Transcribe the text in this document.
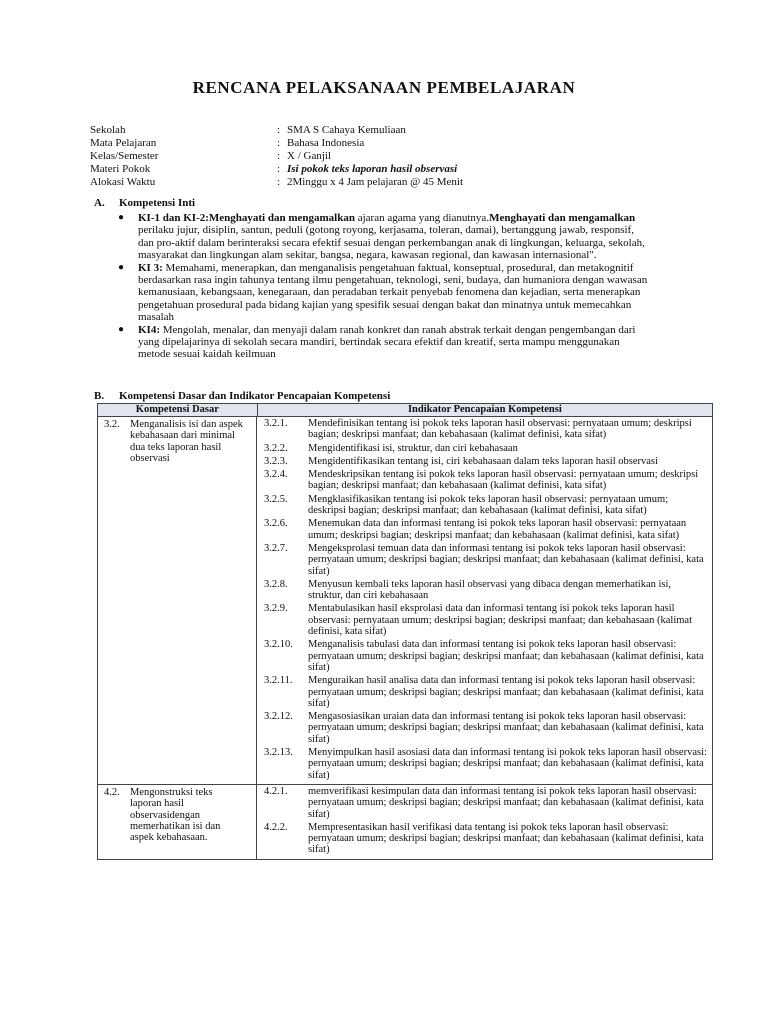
RENCANA PELAKSANAAN PEMBELAJARAN
Sekolah	: SMA S Cahaya Kemuliaan
Mata Pelajaran	: Bahasa Indonesia
Kelas/Semester	: X / Ganjil
Materi Pokok	: Isi pokok teks laporan hasil observasi
Alokasi Waktu	: 2Minggu x 4 Jam pelajaran @ 45 Menit
A. Kompetensi Inti
● KI-1 dan KI-2:Menghayati dan mengamalkan ajaran agama yang dianutnya.Menghayati dan mengamalkan perilaku jujur, disiplin, santun, peduli (gotong royong, kerjasama, toleran, damai), bertanggung jawab, responsif, dan pro-aktif dalam berinteraksi secara efektif sesuai dengan perkembangan anak di lingkungan, keluarga, sekolah, masyarakat dan lingkungan alam sekitar, bangsa, negara, kawasan regional, dan kawasan internasional".
● KI 3: Memahami, menerapkan, dan menganalisis pengetahuan faktual, konseptual, prosedural, dan metakognitif berdasarkan rasa ingin tahunya tentang ilmu pengetahuan, teknologi, seni, budaya, dan humaniora dengan wawasan kemanusiaan, kebangsaan, kenegaraan, dan peradaban terkait penyebab fenomena dan kejadian, serta menerapkan pengetahuan prosedural pada bidang kajian yang spesifik sesuai dengan bakat dan minatnya untuk memecahkan masalah
● KI4: Mengolah, menalar, dan menyaji dalam ranah konkret dan ranah abstrak terkait dengan pengembangan dari yang dipelajarinya di sekolah secara mandiri, bertindak secara efektif dan kreatif, serta mampu menggunakan metode sesuai kaidah keilmuan
B. Kompetensi Dasar dan Indikator Pencapaian Kompetensi
Kompetensi Dasar	Indikator Pencapaian Kompetensi
3.2. Menganalisis isi dan aspek kebahasaan dari minimal dua teks laporan hasil observasi
3.2.1.	Mendefinisikan tentang isi pokok teks laporan hasil observasi: pernyataan umum; deskripsi bagian; deskripsi manfaat; dan kebahasaan (kalimat definisi, kata sifat)
3.2.2.	Mengidentifikasi isi, struktur, dan ciri kebahasaan
3.2.3.	Mengidentifikasikan tentang isi, ciri kebahasaan dalam teks laporan hasil observasi
3.2.4.	Mendeskripsikan tentang isi pokok teks laporan hasil observasi: pernyataan umum; deskripsi bagian; deskripsi manfaat; dan kebahasaan (kalimat definisi, kata sifat)
3.2.5.	Mengklasifikasikan tentang isi pokok teks laporan hasil observasi: pernyataan umum; deskripsi bagian; deskripsi manfaat; dan kebahasaan (kalimat definisi, kata sifat)
3.2.6.	Menemukan data dan informasi tentang isi pokok teks laporan hasil observasi: pernyataan umum; deskripsi bagian; deskripsi manfaat; dan kebahasaan (kalimat definisi, kata sifat)
3.2.7.	Mengeksprolasi temuan data dan informasi tentang isi pokok teks laporan hasil observasi: pernyataan umum; deskripsi bagian; deskripsi manfaat; dan kebahasaan (kalimat definisi, kata sifat)
3.2.8.	Menyusun kembali teks laporan hasil observasi yang dibaca dengan memerhatikan isi, struktur, dan ciri kebahasaan
3.2.9.	Mentabulasikan hasil eksprolasi data dan informasi tentang isi pokok teks laporan hasil observasi: pernyataan umum; deskripsi bagian; deskripsi manfaat; dan kebahasaan (kalimat definisi, kata sifat)
3.2.10.	Menganalisis tabulasi data dan informasi tentang isi pokok teks laporan hasil observasi: pernyataan umum; deskripsi bagian; deskripsi manfaat; dan kebahasaan (kalimat definisi, kata sifat)
3.2.11.	Menguraikan hasil analisa data dan informasi tentang isi pokok teks laporan hasil observasi: pernyataan umum; deskripsi bagian; deskripsi manfaat; dan kebahasaan (kalimat definisi, kata sifat)
3.2.12.	Mengasosiasikan uraian data dan informasi tentang isi pokok teks laporan hasil observasi: pernyataan umum; deskripsi bagian; deskripsi manfaat; dan kebahasaan (kalimat definisi, kata sifat)
3.2.13.	Menyimpulkan hasil asosiasi data dan informasi tentang isi pokok teks laporan hasil observasi: pernyataan umum; deskripsi bagian; deskripsi manfaat; dan kebahasaan (kalimat definisi, kata sifat)
4.2. Mengonstruksi teks laporan hasil observasidengan memerhatikan isi dan aspek kebahasaan.
4.2.1.	memverifikasi kesimpulan data dan informasi tentang isi pokok teks laporan hasil observasi: pernyataan umum; deskripsi bagian; deskripsi manfaat; dan kebahasaan (kalimat definisi, kata sifat)
4.2.2.	Mempresentasikan hasil verifikasi data tentang isi pokok teks laporan hasil observasi: pernyataan umum; deskripsi bagian; deskripsi manfaat; dan kebahasaan (kalimat definisi, kata sifat)
